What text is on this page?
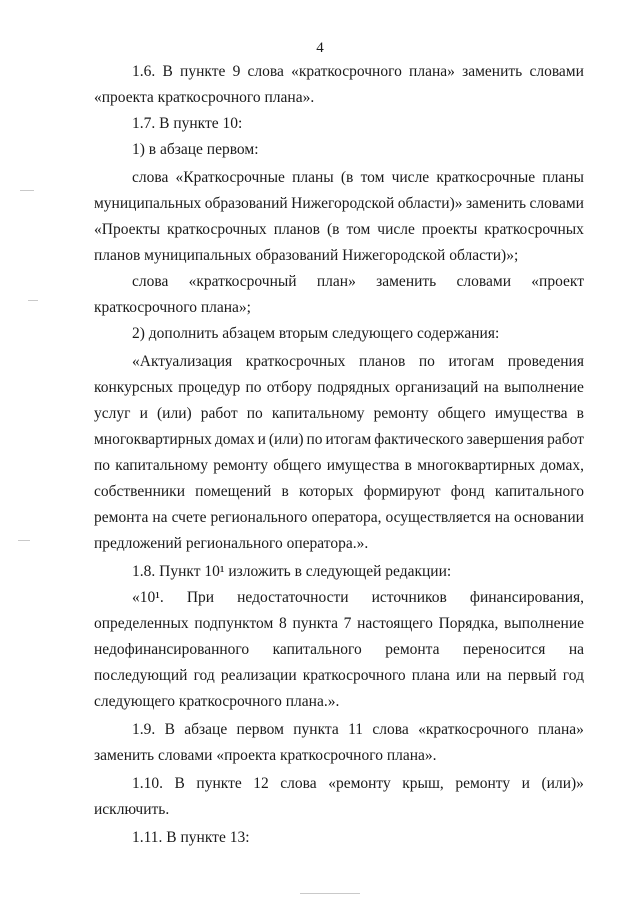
4
1.6. В пункте 9 слова «краткосрочного плана» заменить словами
«проекта краткосрочного плана».
1.7. В пункте 10:
1) в абзаце первом:
слова «Краткосрочные планы (в том числе краткосрочные планы
муниципальных образований Нижегородской области)» заменить словами
«Проекты краткосрочных планов (в том числе проекты краткосрочных
планов муниципальных образований Нижегородской области)»;
слова «краткосрочный план» заменить словами «проект
краткосрочного плана»;
2) дополнить абзацем вторым следующего содержания:
«Актуализация краткосрочных планов по итогам проведения
конкурсных процедур по отбору подрядных организаций на выполнение
услуг и (или) работ по капитальному ремонту общего имущества в
многоквартирных домах и (или) по итогам фактического завершения работ
по капитальному ремонту общего имущества в многоквартирных домах,
собственники помещений в которых формируют фонд капитального
ремонта на счете регионального оператора, осуществляется на основании
предложений регионального оператора.».
1.8. Пункт 10¹ изложить в следующей редакции:
«10¹. При недостаточности источников финансирования,
определенных подпунктом 8 пункта 7 настоящего Порядка, выполнение
недофинансированного капитального ремонта переносится на
последующий год реализации краткосрочного плана или на первый год
следующего краткосрочного плана.».
1.9. В абзаце первом пункта 11 слова «краткосрочного плана»
заменить словами «проекта краткосрочного плана».
1.10. В пункте 12 слова «ремонту крыш, ремонту и (или)»
исключить.
1.11. В пункте 13:
